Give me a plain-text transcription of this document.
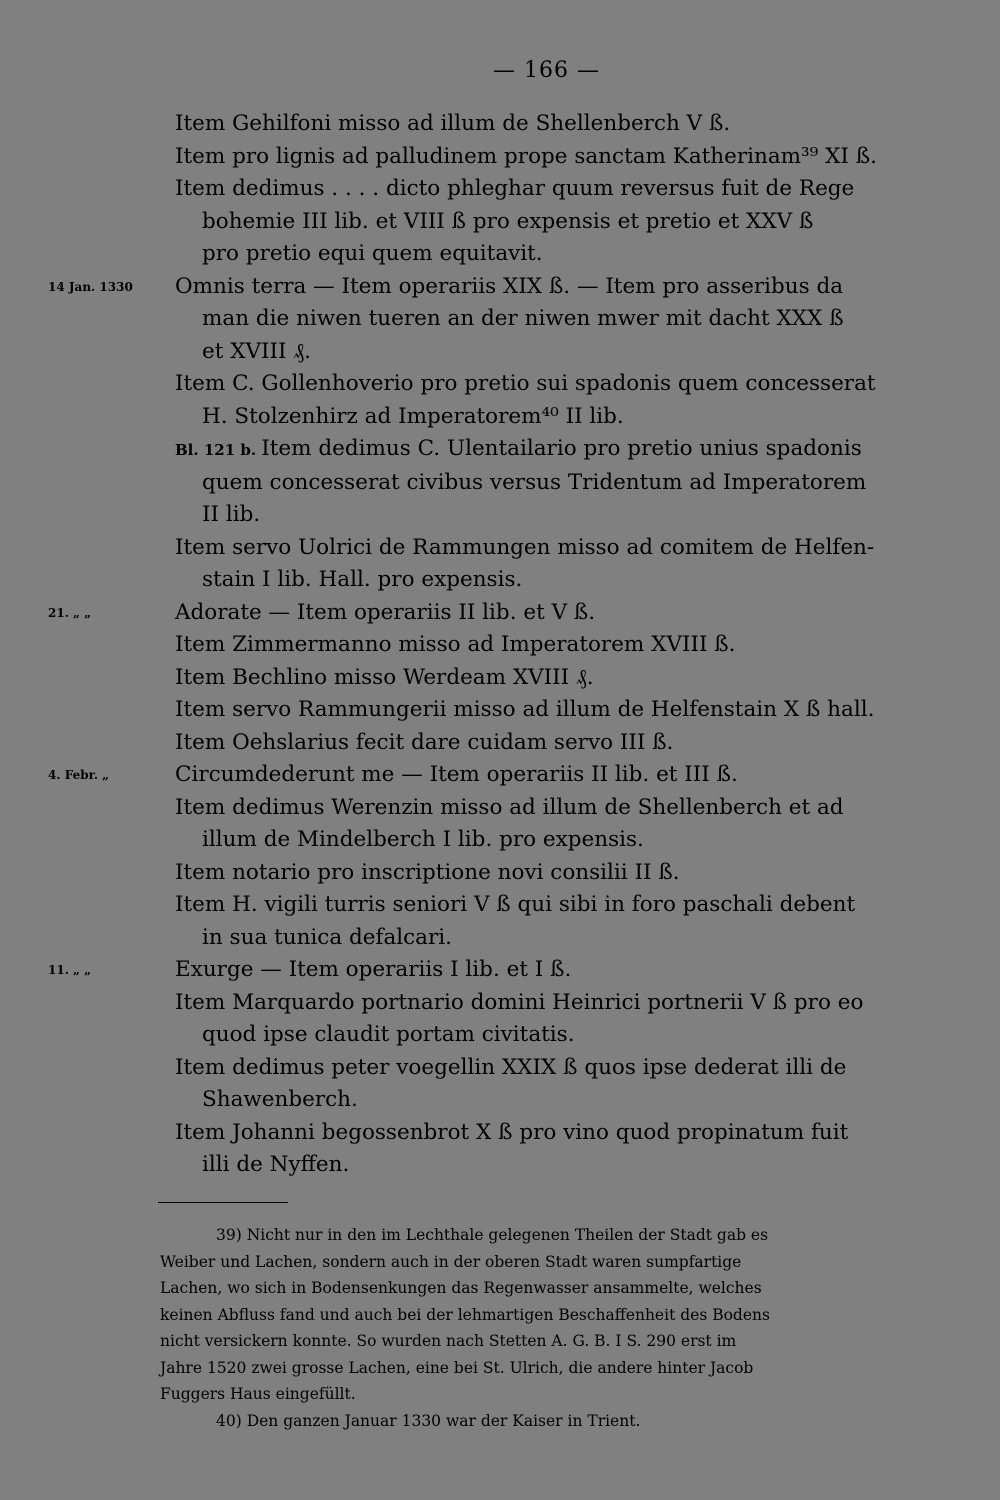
— 166 —
Item Gehilfoni misso ad illum de Shellenberch V ß.
Item pro lignis ad palludinem prope sanctam Katherinam³⁹ XI ß.
Item dedimus . . . . dicto phleghar quum reversus fuit de Rege
bohemie III lib. et VIII ß pro expensis et pretio et XXV ß
pro pretio equi quem equitavit.
14 Jan. 1330 Omnis terra — Item operariis XIX ß. — Item pro asseribus da
man die niwen tueren an der niwen mwer mit dacht XXX ß
et XVIII ₰.
Item C. Gollenhoverio pro pretio sui spadonis quem concesserat
H. Stolzenhirz ad Imperatorem⁴⁰ II lib.
Bl. 121 b. Item dedimus C. Ulentailario pro pretio unius spadonis
quem concesserat civibus versus Tridentum ad Imperatorem
II lib.
Item servo Uolrici de Rammungen misso ad comitem de Helfen-
stain I lib. Hall. pro expensis.
21. „ „	Adorate — Item operariis II lib. et V ß.
Item Zimmermanno misso ad Imperatorem XVIII ß.
Item Bechlino misso Werdeam XVIII ₰.
Item servo Rammungerii misso ad illum de Helfenstain X ß hall.
Item Oehslarius fecit dare cuidam servo III ß.
4. Febr. „	Circumdederunt me — Item operariis II lib. et III ß.
Item dedimus Werenzin misso ad illum de Shellenberch et ad
illum de Mindelberch I lib. pro expensis.
Item notario pro inscriptione novi consilii II ß.
Item H. vigili turris seniori V ß qui sibi in foro paschali debent
in sua tunica defalcari.
11. „ „	Exurge — Item operariis I lib. et I ß.
Item Marquardo portnario domini Heinrici portnerii V ß pro eo
quod ipse claudit portam civitatis.
Item dedimus peter voegellin XXIX ß quos ipse dederat illi de
Shawenberch.
Item Johanni begossenbrot X ß pro vino quod propinatum fuit
illi de Nyffen.
39) Nicht nur in den im Lechthale gelegenen Theilen der Stadt gab es
Weiber und Lachen, sondern auch in der oberen Stadt waren sumpfartige
Lachen, wo sich in Bodensenkungen das Regenwasser ansammelte, welches
keinen Abfluss fand und auch bei der lehmartigen Beschaffenheit des Bodens
nicht versickern konnte. So wurden nach Stetten A. G. B. I S. 290 erst im
Jahre 1520 zwei grosse Lachen, eine bei St. Ulrich, die andere hinter Jacob
Fuggers Haus eingefüllt.
40) Den ganzen Januar 1330 war der Kaiser in Trient.
